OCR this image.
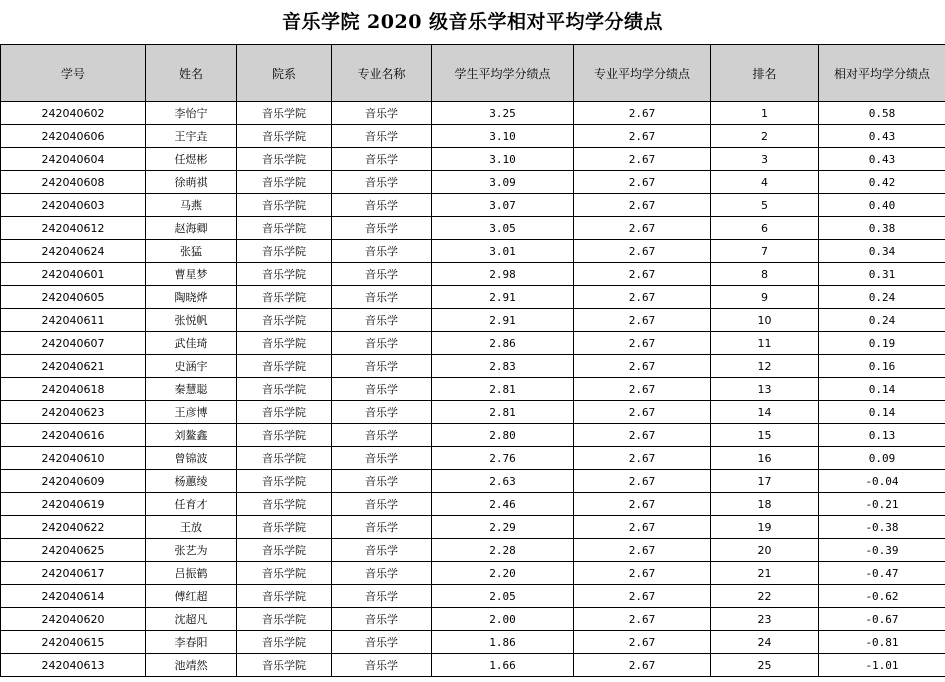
音乐学院 2020 级音乐学相对平均学分绩点
学号	姓名	院系	专业名称	学生平均学分绩点	专业平均学分绩点	排名	相对平均学分绩点
242040602	李怡宁	音乐学院	音乐学	3.25	2.67	1	0.58
242040606	王宇垚	音乐学院	音乐学	3.10	2.67	2	0.43
242040604	任煜彬	音乐学院	音乐学	3.10	2.67	3	0.43
242040608	徐萌祺	音乐学院	音乐学	3.09	2.67	4	0.42
242040603	马燕	音乐学院	音乐学	3.07	2.67	5	0.40
242040612	赵海卿	音乐学院	音乐学	3.05	2.67	6	0.38
242040624	张猛	音乐学院	音乐学	3.01	2.67	7	0.34
242040601	曹星梦	音乐学院	音乐学	2.98	2.67	8	0.31
242040605	陶晓烨	音乐学院	音乐学	2.91	2.67	9	0.24
242040611	张悦帆	音乐学院	音乐学	2.91	2.67	10	0.24
242040607	武佳琦	音乐学院	音乐学	2.86	2.67	11	0.19
242040621	史涵宇	音乐学院	音乐学	2.83	2.67	12	0.16
242040618	秦慧聪	音乐学院	音乐学	2.81	2.67	13	0.14
242040623	王彦博	音乐学院	音乐学	2.81	2.67	14	0.14
242040616	刘鳌鑫	音乐学院	音乐学	2.80	2.67	15	0.13
242040610	曾锦波	音乐学院	音乐学	2.76	2.67	16	0.09
242040609	杨蕙绫	音乐学院	音乐学	2.63	2.67	17	-0.04
242040619	任育才	音乐学院	音乐学	2.46	2.67	18	-0.21
242040622	王放	音乐学院	音乐学	2.29	2.67	19	-0.38
242040625	张艺为	音乐学院	音乐学	2.28	2.67	20	-0.39
242040617	吕振鹤	音乐学院	音乐学	2.20	2.67	21	-0.47
242040614	傅红超	音乐学院	音乐学	2.05	2.67	22	-0.62
242040620	沈超凡	音乐学院	音乐学	2.00	2.67	23	-0.67
242040615	李春阳	音乐学院	音乐学	1.86	2.67	24	-0.81
242040613	池靖然	音乐学院	音乐学	1.66	2.67	25	-1.01
